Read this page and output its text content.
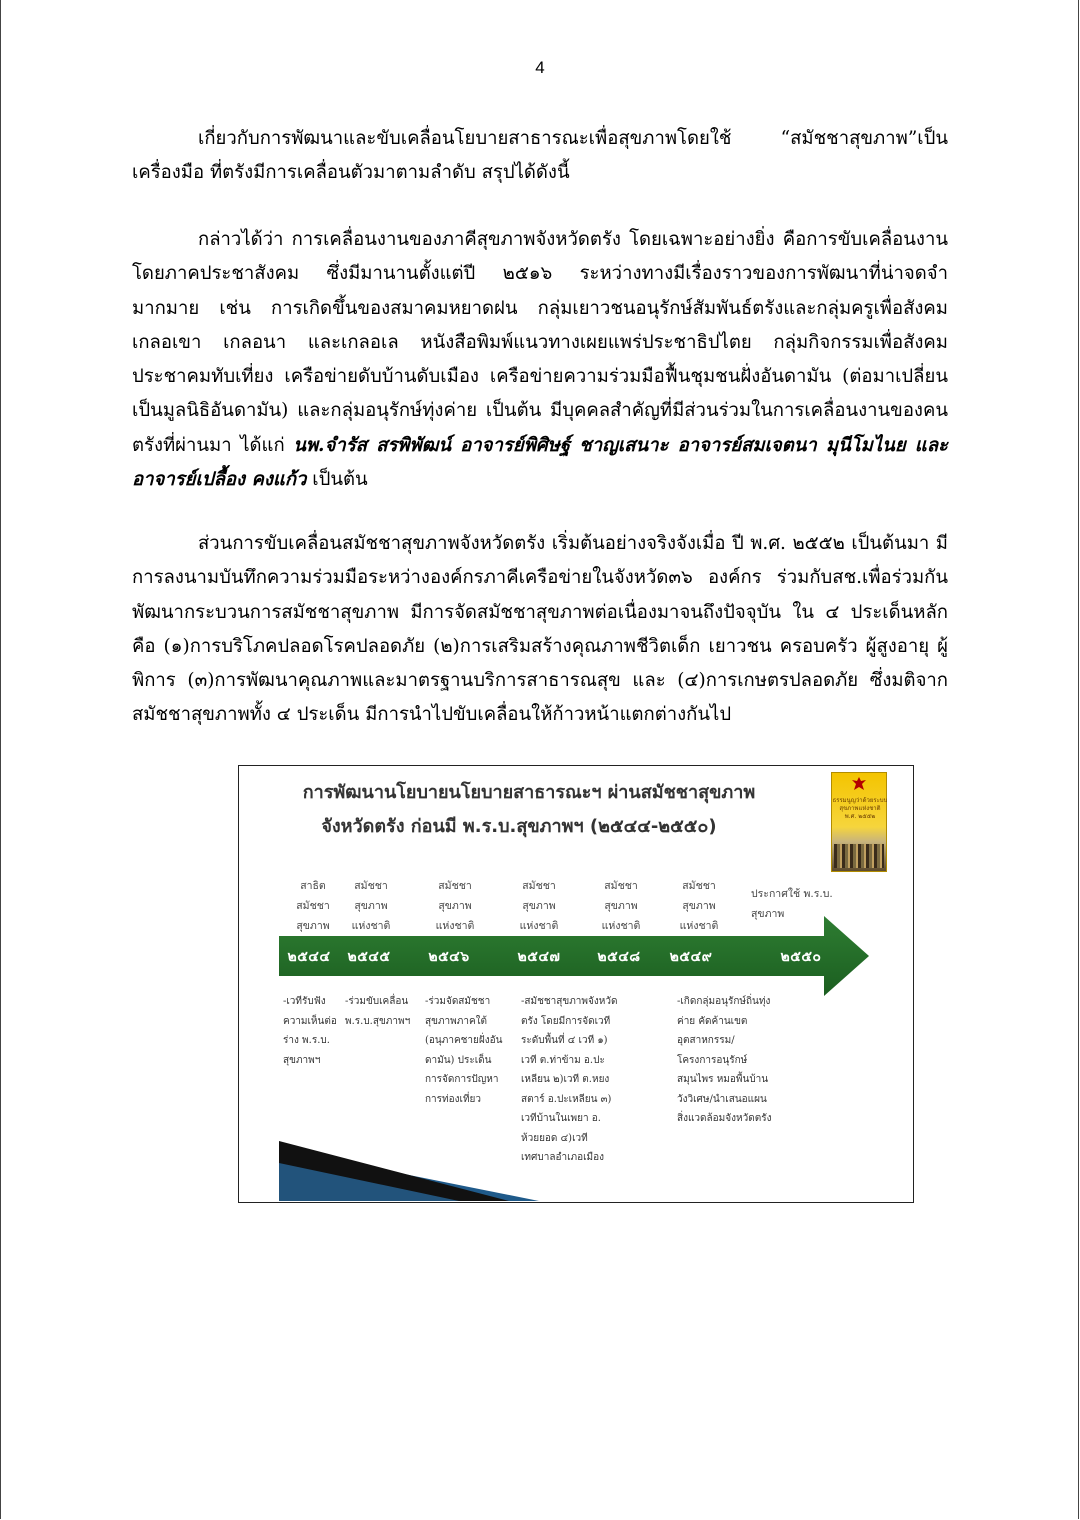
4

เกี่ยวกับการพัฒนาและขับเคลื่อนโยบายสาธารณะเพื่อสุขภาพโดยใช้ “สมัชชาสุขภาพ”เป็นเครื่องมือ ที่ตรังมีการเคลื่อนตัวมาตามลำดับ สรุปได้ดังนี้

กล่าวได้ว่า การเคลื่อนงานของภาคีสุขภาพจังหวัดตรัง โดยเฉพาะอย่างยิ่ง คือการขับเคลื่อนงานโดยภาคประชาสังคม ซึ่งมีมานานตั้งแต่ปี ๒๕๑๖ ระหว่างทางมีเรื่องราวของการพัฒนาที่น่าจดจำมากมาย เช่น การเกิดขึ้นของสมาคมหยาดฝน กลุ่มเยาวชนอนุรักษ์สัมพันธ์ตรังและกลุ่มครูเพื่อสังคม เกลอเขา เกลอนา และเกลอเล หนังสือพิมพ์แนวทางเผยแพร่ประชาธิปไตย กลุ่มกิจกรรมเพื่อสังคม ประชาคมทับเที่ยง เครือข่ายดับบ้านดับเมือง เครือข่ายความร่วมมือฟื้นชุมชนฝั่งอันดามัน (ต่อมาเปลี่ยนเป็นมูลนิธิอันดามัน) และกลุ่มอนุรักษ์ทุ่งค่าย เป็นต้น มีบุคคลสำคัญที่มีส่วนร่วมในการเคลื่อนงานของคนตรังที่ผ่านมา ได้แก่ นพ.จำรัส สรพิพัฒน์ อาจารย์พิศิษฐ์ ชาญเสนาะ อาจารย์สมเจตนา มุนีโมไนย และอาจารย์เปลื้อง คงแก้ว เป็นต้น

ส่วนการขับเคลื่อนสมัชชาสุขภาพจังหวัดตรัง เริ่มต้นอย่างจริงจังเมื่อ ปี พ.ศ. ๒๕๕๒ เป็นต้นมา มีการลงนามบันทึกความร่วมมือระหว่างองค์กรภาคีเครือข่ายในจังหวัด๓๖ องค์กร ร่วมกับสช.เพื่อร่วมกันพัฒนากระบวนการสมัชชาสุขภาพ มีการจัดสมัชชาสุขภาพต่อเนื่องมาจนถึงปัจจุบัน ใน ๔ ประเด็นหลัก คือ (๑)การบริโภคปลอดโรคปลอดภัย (๒)การเสริมสร้างคุณภาพชีวิตเด็ก เยาวชน ครอบครัว ผู้สูงอายุ ผู้พิการ (๓)การพัฒนาคุณภาพและมาตรฐานบริการสาธารณสุข และ (๔)การเกษตรปลอดภัย ซึ่งมติจากสมัชชาสุขภาพทั้ง ๔ ประเด็น มีการนำไปขับเคลื่อนให้ก้าวหน้าแตกต่างกันไป

การพัฒนานโยบายนโยบายสาธารณะฯ ผ่านสมัชชาสุขภาพ
จังหวัดตรัง ก่อนมี พ.ร.บ.สุขภาพฯ (๒๕๔๔-๒๕๕๐)
ธรรมนูญว่าด้วยระบบ
สุขภาพแห่งชาติ
พ.ศ. ๒๕๕๒
สาธิต
สมัชชา
สุขภาพ
๒๕๔๔
-เวทีรับฟัง
ความเห็นต่อ
ร่าง พ.ร.บ.
สุขภาพฯ
สมัชชา
สุขภาพ
แห่งชาติ
๒๕๔๕
-ร่วมขับเคลื่อน
พ.ร.บ.สุขภาพฯ
สมัชชา
สุขภาพ
แห่งชาติ
๒๕๔๖
-ร่วมจัดสมัชชา
สุขภาพภาคใต้
(อนุภาคชายฝั่งอัน
ดามัน) ประเด็น
การจัดการปัญหา
การท่องเที่ยว
สมัชชา
สุขภาพ
แห่งชาติ
๒๕๔๗
-สมัชชาสุขภาพจังหวัด
ตรัง โดยมีการจัดเวที
ระดับพื้นที่ ๔ เวที ๑)
เวที ต.ท่าข้าม อ.ปะ
เหลียน ๒)เวที ต.หยง
สตาร์ อ.ปะเหลียน ๓)
เวทีบ้านในเพยา อ.
ห้วยยอด ๔)เวที
เทศบาลอำเภอเมือง
สมัชชา
สุขภาพ
แห่งชาติ
๒๕๔๘
สมัชชา
สุขภาพ
แห่งชาติ
๒๕๔๙
-เกิดกลุ่มอนุรักษ์ถิ่นทุ่ง
ค่าย คัดค้านเขต
อุตสาหกรรม/
โครงการอนุรักษ์
สมุนไพร หมอพื้นบ้าน
วังวิเศษ/นำเสนอแผน
สิ่งแวดล้อมจังหวัดตรัง
ประกาศใช้ พ.ร.บ.
สุขภาพ
๒๕๕๐
